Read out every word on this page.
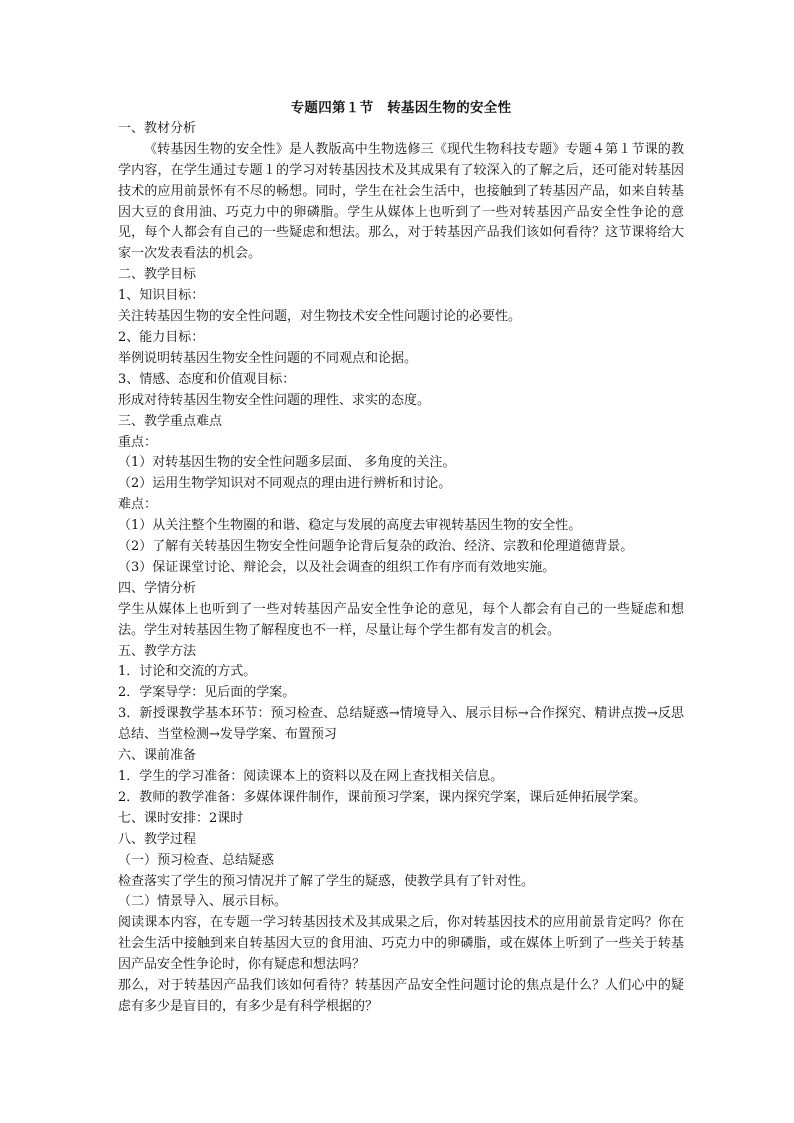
专题四第１节　转基因生物的安全性

一、教材分析

《转基因生物的安全性》是人教版高中生物选修三《现代生物科技专题》专题４第１节课的教学内容，在学生通过专题１的学习对转基因技术及其成果有了较深入的了解之后，还可能对转基因技术的应用前景怀有不尽的畅想。同时，学生在社会生活中，也接触到了转基因产品，如来自转基因大豆的食用油、巧克力中的卵磷脂。学生从媒体上也听到了一些对转基因产品安全性争论的意见，每个人都会有自己的一些疑虑和想法。那么，对于转基因产品我们该如何看待？这节课将给大家一次发表看法的机会。

二、教学目标

1、知识目标：

关注转基因生物的安全性问题，对生物技术安全性问题讨论的必要性。

2、能力目标：

举例说明转基因生物安全性问题的不同观点和论据。

3、情感、态度和价值观目标：

形成对待转基因生物安全性问题的理性、求实的态度。

三、教学重点难点

重点：

（1）对转基因生物的安全性问题多层面、 多角度的关注。

（2）运用生物学知识对不同观点的理由进行辨析和讨论。

难点：

（1）从关注整个生物圈的和谐、稳定与发展的高度去审视转基因生物的安全性。

（2）了解有关转基因生物安全性问题争论背后复杂的政治、经济、宗教和伦理道德背景。

（3）保证课堂讨论、辩论会，以及社会调查的组织工作有序而有效地实施。

四、学情分析

学生从媒体上也听到了一些对转基因产品安全性争论的意见，每个人都会有自己的一些疑虑和想法。学生对转基因生物了解程度也不一样，尽量让每个学生都有发言的机会。

五、教学方法

1．讨论和交流的方式。

2．学案导学：见后面的学案。

3．新授课教学基本环节：预习检查、总结疑惑→情境导入、展示目标→合作探究、精讲点拨→反思总结、当堂检测→发导学案、布置预习

六、课前准备

1．学生的学习准备：阅读课本上的资料以及在网上查找相关信息。

2．教师的教学准备：多媒体课件制作，课前预习学案，课内探究学案，课后延伸拓展学案。

七、课时安排：2课时

八、教学过程

（一）预习检查、总结疑惑

检查落实了学生的预习情况并了解了学生的疑惑，使教学具有了针对性。

（二）情景导入、展示目标。

阅读课本内容，在专题一学习转基因技术及其成果之后，你对转基因技术的应用前景肯定吗？你在社会生活中接触到来自转基因大豆的食用油、巧克力中的卵磷脂，或在媒体上听到了一些关于转基因产品安全性争论时，你有疑虑和想法吗？

那么，对于转基因产品我们该如何看待？转基因产品安全性问题讨论的焦点是什么？人们心中的疑虑有多少是盲目的，有多少是有科学根据的？
